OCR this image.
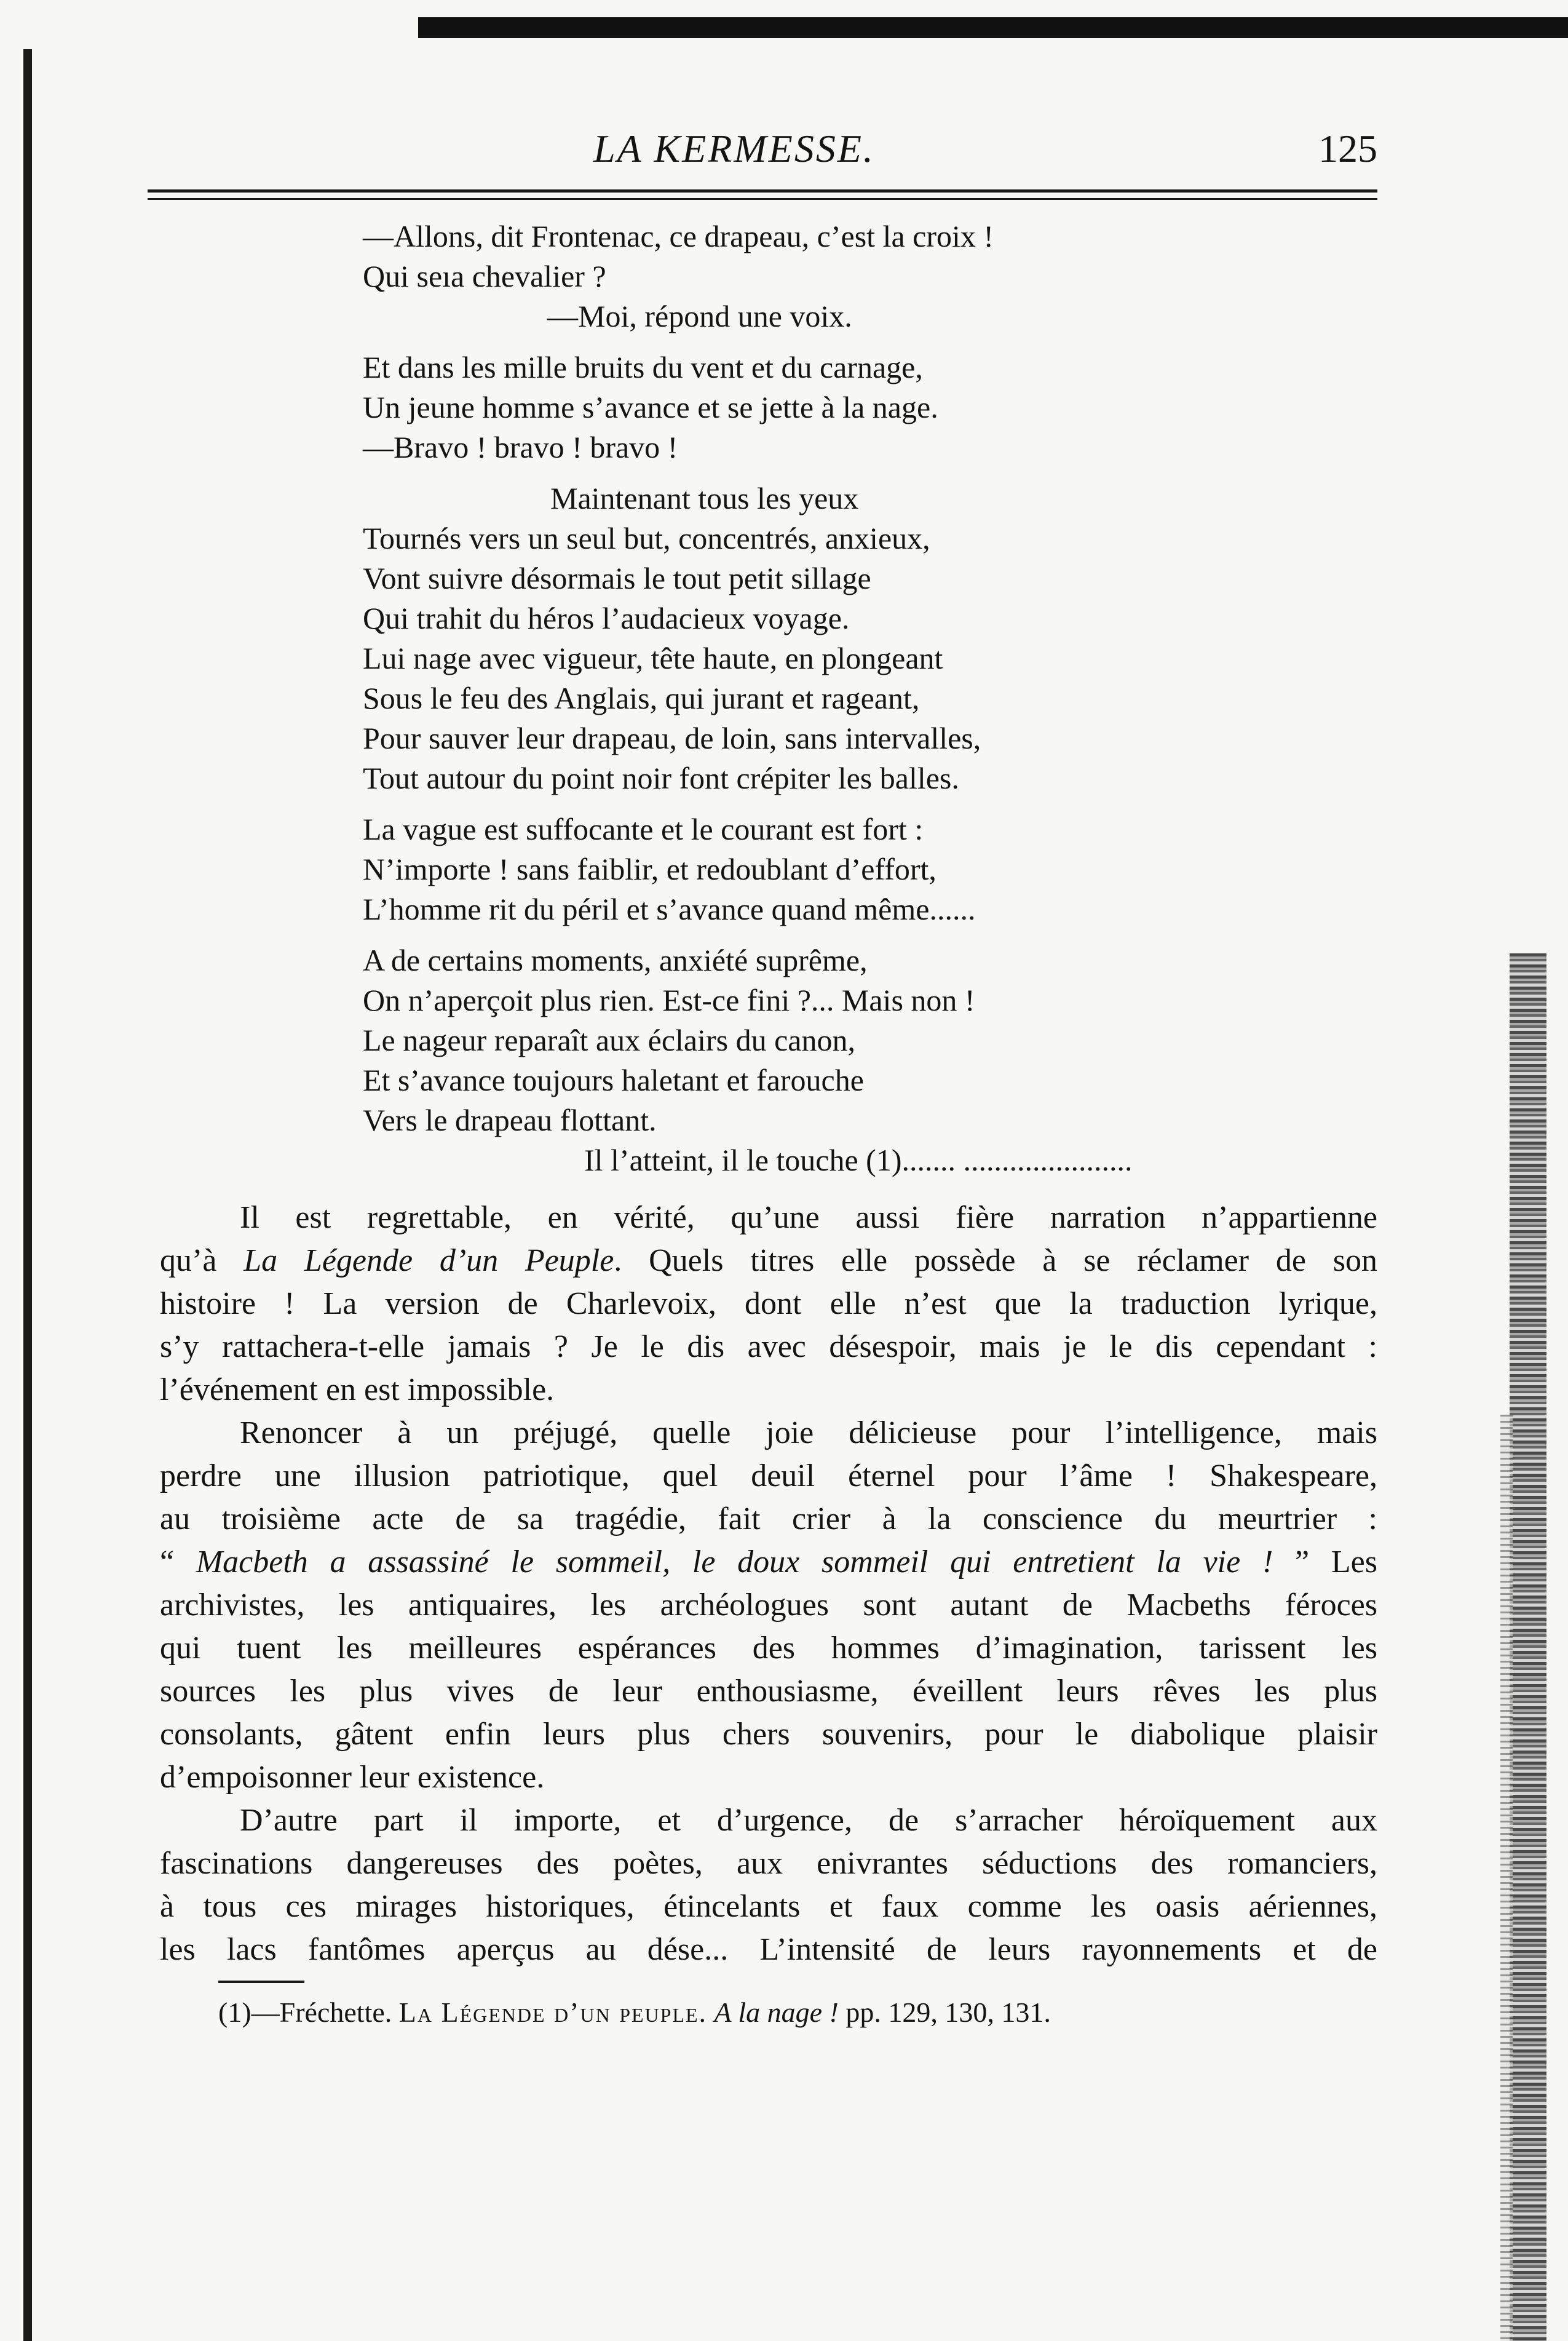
LA KERMESSE.	125
—Allons, dit Frontenac, ce drapeau, c’est la croix !
Qui seıa chevalier ?
—Moi, répond une voix.
Et dans les mille bruits du vent et du carnage,
Un jeune homme s’avance et se jette à la nage.
—Bravo ! bravo ! bravo !
Maintenant tous les yeux
Tournés vers un seul but, concentrés, anxieux,
Vont suivre désormais le tout petit sillage
Qui trahit du héros l’audacieux voyage.
Lui nage avec vigueur, tête haute, en plongeant
Sous le feu des Anglais, qui jurant et rageant,
Pour sauver leur drapeau, de loin, sans intervalles,
Tout autour du point noir font crépiter les balles.
La vague est suffocante et le courant est fort :
N’importe ! sans faiblir, et redoublant d’effort,
L’homme rit du péril et s’avance quand même......
A de certains moments, anxiété suprême,
On n’aperçoit plus rien. Est-ce fini ?... Mais non !
Le nageur reparaît aux éclairs du canon,
Et s’avance toujours haletant et farouche
Vers le drapeau flottant.
Il l’atteint, il le touche (1)....... ......................
Il est regrettable, en vérité, qu’une aussi fière narration n’appartienne
qu’à La Légende d’un Peuple. Quels titres elle possède à se réclamer de son
histoire ! La version de Charlevoix, dont elle n’est que la traduction lyrique,
s’y rattachera-t-elle jamais ? Je le dis avec désespoir, mais je le dis cependant :
l’événement en est impossible.
Renoncer à un préjugé, quelle joie délicieuse pour l’intelligence, mais
perdre une illusion patriotique, quel deuil éternel pour l’âme ! Shakespeare,
au troisième acte de sa tragédie, fait crier à la conscience du meurtrier :
“ Macbeth a assassiné le sommeil, le doux sommeil qui entretient la vie ! ” Les
archivistes, les antiquaires, les archéologues sont autant de Macbeths féroces
qui tuent les meilleures espérances des hommes d’imagination, tarissent les
sources les plus vives de leur enthousiasme, éveillent leurs rêves les plus
consolants, gâtent enfin leurs plus chers souvenirs, pour le diabolique plaisir
d’empoisonner leur existence.
D’autre part il importe, et d’urgence, de s’arracher héroïquement aux
fascinations dangereuses des poètes, aux enivrantes séductions des romanciers,
à tous ces mirages historiques, étincelants et faux comme les oasis aériennes,
les lacs fantômes aperçus au dése... L’intensité de leurs rayonnements et de
(1)—Fréchette. La Légende d’un peuple. A la nage ! pp. 129, 130, 131.
